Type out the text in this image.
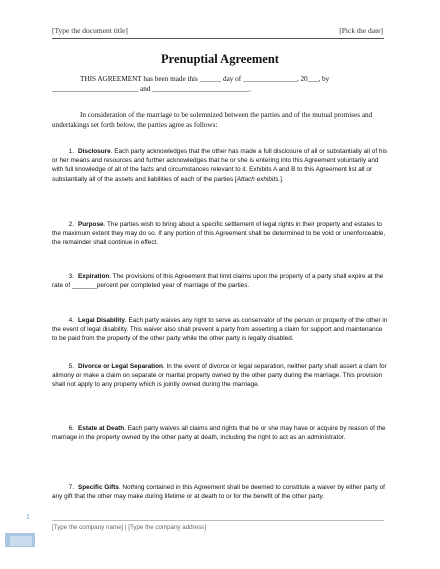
[Type the document title]	[Pick the date]
Prenuptial Agreement
THIS AGREEMENT has been made this ______ day of _______________, 20___, by
________________________ and ___________________________.
In consideration of the marriage to be solemnized between the parties and of the mutual promises and undertakings set forth below, the parties agree as follows:

1. Disclosure. Each party acknowledges that the other has made a full disclosure of all or substantially all of his or her means and resources and further acknowledges that he or she is entering into this Agreement voluntarily and with full knowledge of all of the facts and circumstances relevant to it. Exhibits A and B to this Agreement list all or substantially all of the assets and liabilities of each of the parties [Attach exhibits.].

2. Purpose. The parties wish to bring about a specific settlement of legal rights in their property and estates to the maximum extent they may do so. If any portion of this Agreement shall be determined to be void or unenforceable, the remainder shall continue in effect.

3. Expiration. The provisions of this Agreement that limit claims upon the property of a party shall expire at the rate of _______percent per completed year of marriage of the parties.

4. Legal Disability. Each party waives any right to serve as conservator of the person or property of the other in the event of legal disability. This waiver also shall prevent a party from asserting a claim for support and maintenance to be paid from the property of the other party while the other party is legally disabled.

5. Divorce or Legal Separation. In the event of divorce or legal separation, neither party shall assert a clam for alimony or make a claim on separate or marital property owned by the other party during the marriage. This provision shall not apply to any property which is jointly owned during the marriage.

6. Estate at Death. Each party waives all claims and rights that he or she may have or acquire by reason of the marriage in the property owned by the other party at death, including the right to act as an administrator.

7. Specific Gifts. Nothing contained in this Agreement shall be deemed to constitute a waiver by either party of any gift that the other may make during lifetime or at death to or for the benefit of the other party.

1
[Type the company name] | [Type the company address]
